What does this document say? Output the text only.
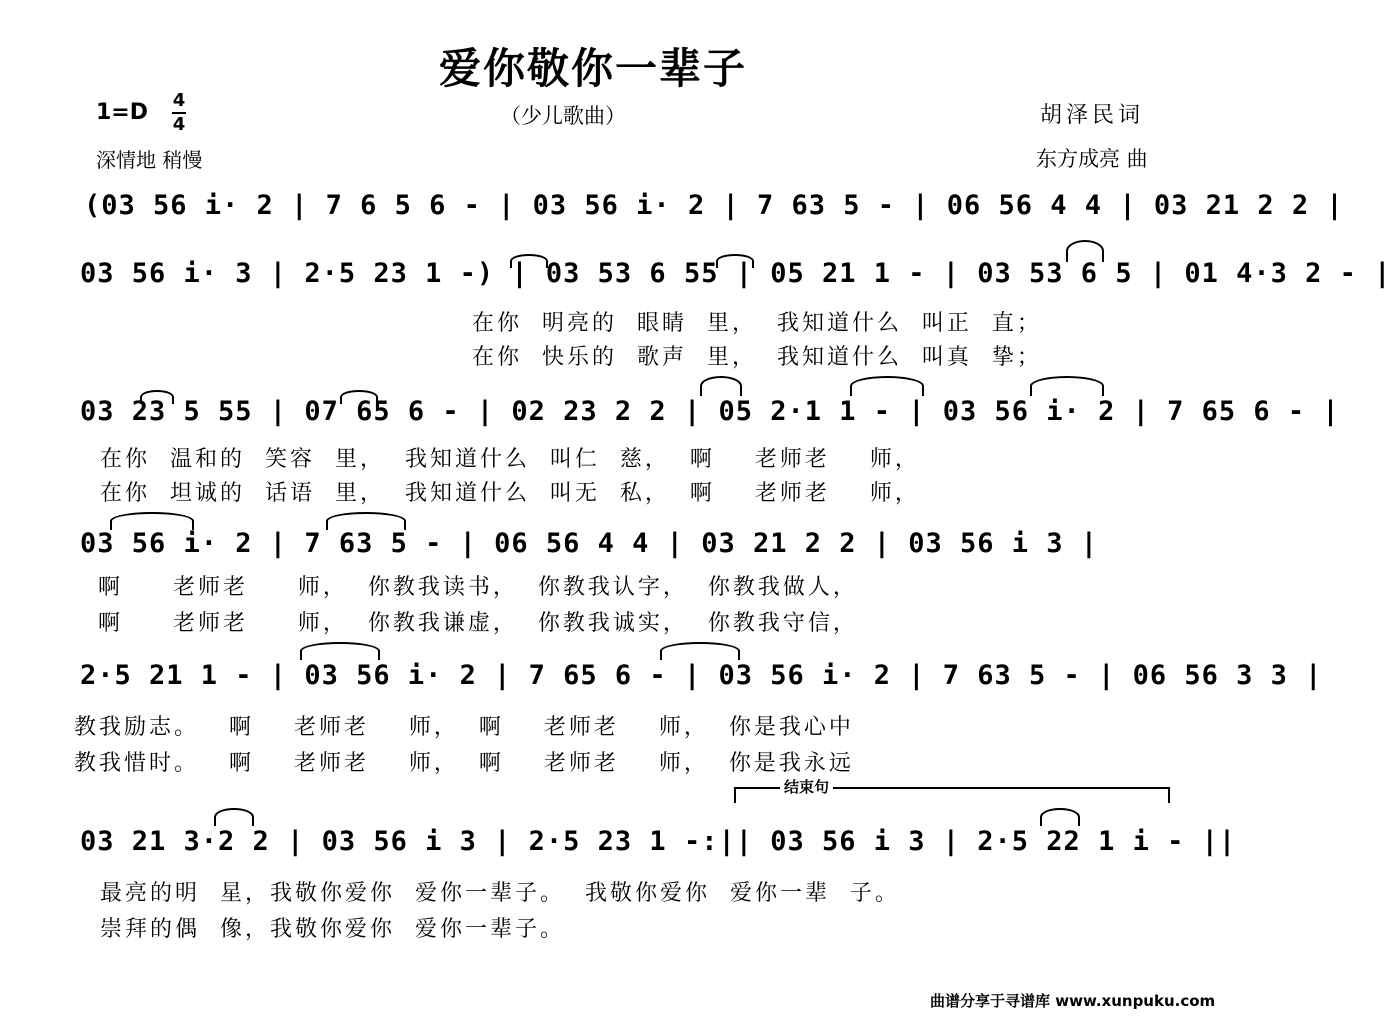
爱你敬你一辈子
1=D 4
4	（少儿歌曲）	胡泽民词
深情地 稍慢	东方成亮 曲
(03 56 i· 2 | 7 6 5 6 - | 03 56 i· 2 | 7 63 5 - | 06 56 4 4 | 03 21 2 2 |
03 56 i· 3 | 2·5 23 1 -) | 03 53 6 55 | 05 21 1 - | 03 53 6 5 | 01 4·3 2 - |
在你  明亮的  眼睛  里，  我知道什么  叫正  直；
在你  快乐的  歌声  里，  我知道什么  叫真  挚；
03 23 5 55 | 07 65 6 - | 02 23 2 2 | 05 2·1 1 - | 03 56 i· 2 | 7 65 6 - |
在你  温和的  笑容  里，  我知道什么  叫仁  慈，  啊    老师老    师，
在你  坦诚的  话语  里，  我知道什么  叫无  私，  啊    老师老    师，
03 56 i· 2 | 7 63 5 - | 06 56 4 4 | 03 21 2 2 | 03 56 i 3 |
啊     老师老     师，  你教我读书，  你教我认字，  你教我做人，
啊     老师老     师，  你教我谦虚，  你教我诚实，  你教我守信，
2·5 21 1 - | 03 56 i· 2 | 7 65 6 - | 03 56 i· 2 | 7 63 5 - | 06 56 3 3 |
教我励志。   啊    老师老    师，  啊    老师老    师，  你是我心中
教我惜时。   啊    老师老    师，  啊    老师老    师，  你是我永远
结束句
03 21 3·2 2 | 03 56 i 3 | 2·5 23 1 -:|| 03 56 i 3 | 2·5 22 1 i - ||
最亮的明  星，我敬你爱你  爱你一辈子。  我敬你爱你  爱你一辈  子。
崇拜的偶  像，我敬你爱你  爱你一辈子。
曲谱分享于寻谱库 www.xunpuku.com
